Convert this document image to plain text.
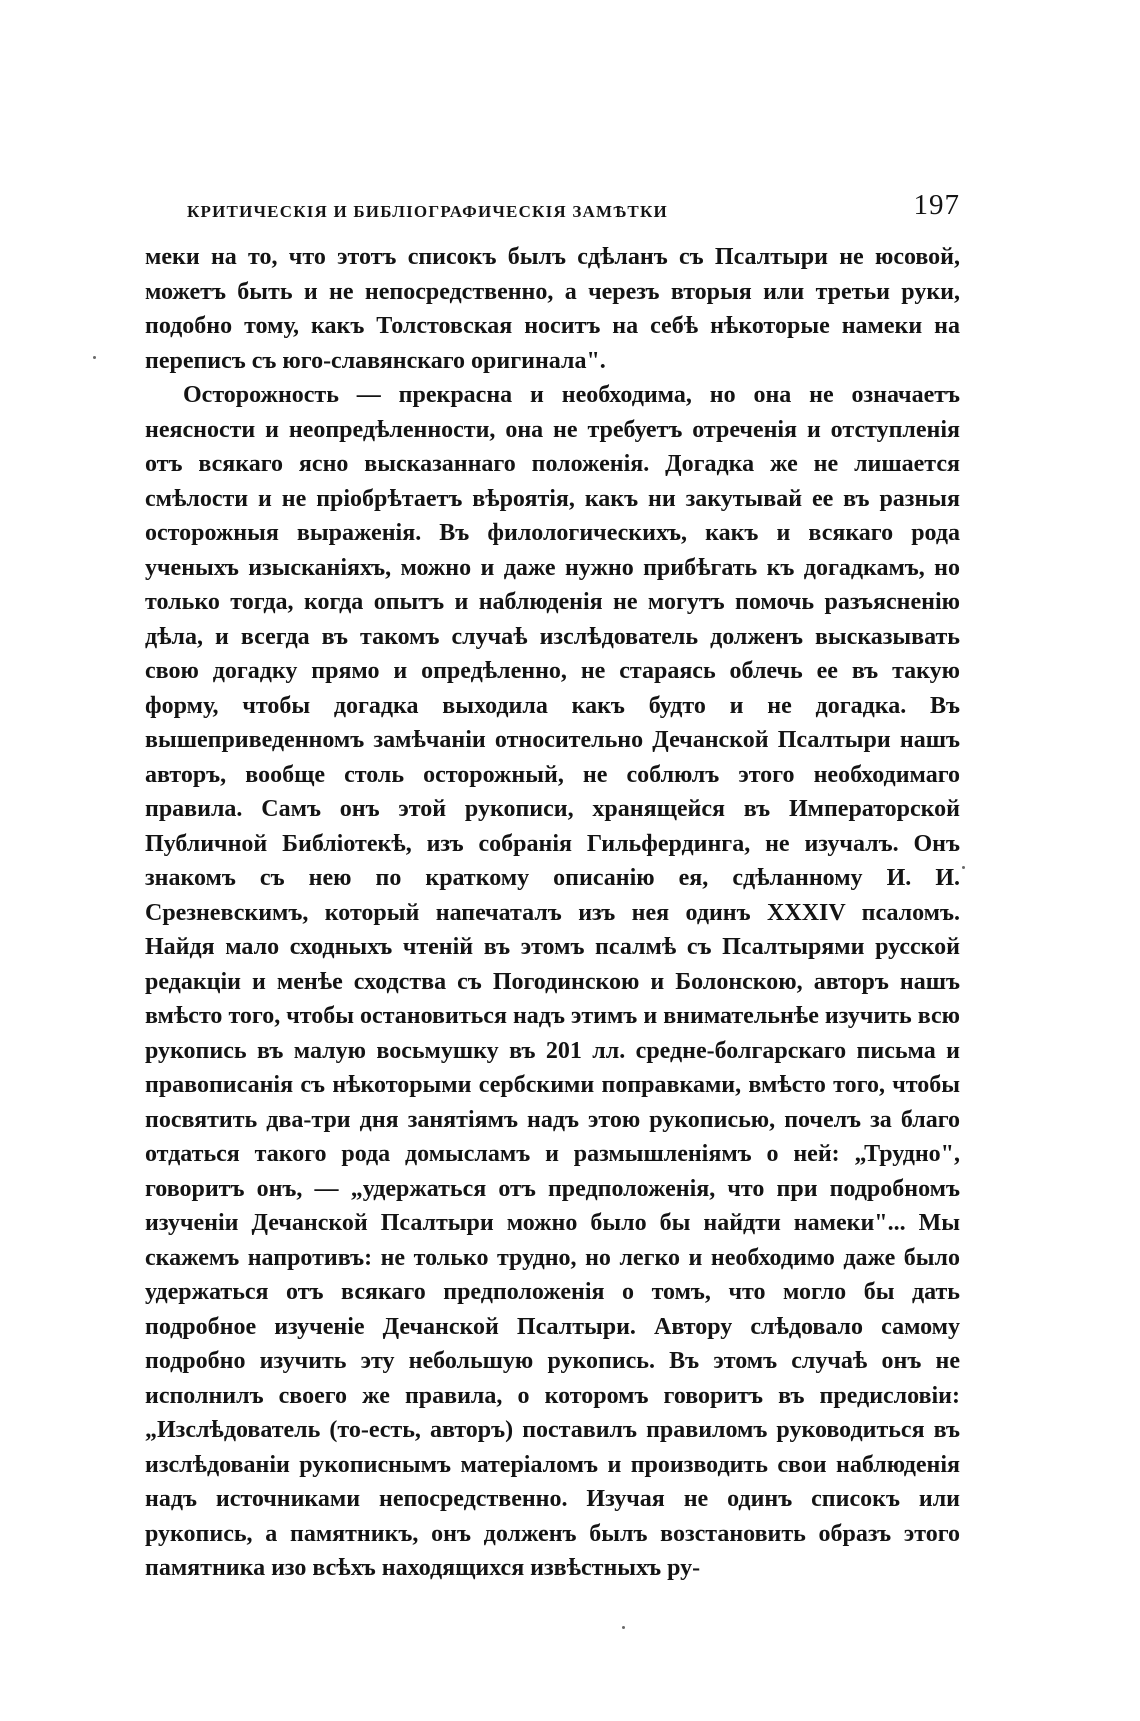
КРИТИЧЕСКІЯ И БИБЛІОГРАФИЧЕСКІЯ ЗАМѢТКИ	197

меки на то, что этотъ списокъ былъ сдѣланъ съ Псалтыри не юсовой, можетъ быть и не непосредственно, а черезъ вторыя или третьи руки, подобно тому, какъ Толстовская носитъ на себѣ нѣкоторые намеки на переписъ съ юго-славянскаго оригинала".

Осторожность — прекрасна и необходима, но она не означаетъ неясности и неопредѣленности, она не требуетъ отреченія и отступленія отъ всякаго ясно высказаннаго положенія. Догадка же не лишается смѣлости и не пріобрѣтаетъ вѣроятія, какъ ни закутывай ее въ разныя осторожныя выраженія. Въ филологическихъ, какъ и всякаго рода ученыхъ изысканіяхъ, можно и даже нужно прибѣгать къ догадкамъ, но только тогда, когда опытъ и наблюденія не могутъ помочь разъясненію дѣла, и всегда въ такомъ случаѣ изслѣдователь долженъ высказывать свою догадку прямо и опредѣленно, не стараясь облечь ее въ такую форму, чтобы догадка выходила какъ будто и не догадка. Въ вышеприведенномъ замѣчаніи относительно Дечанской Псалтыри нашъ авторъ, вообще столь осторожный, не соблюлъ этого необходимаго правила. Самъ онъ этой рукописи, хранящейся въ Императорской Публичной Библіотекѣ, изъ собранія Гильфердинга, не изучалъ. Онъ знакомъ съ нею по краткому описанію ея, сдѣланному И. И. Срезневскимъ, который напечаталъ изъ нея одинъ XXXIV псаломъ. Найдя мало сходныхъ чтеній въ этомъ псалмѣ съ Псалтырями русской редакціи и менѣе сходства съ Погодинскою и Болонскою, авторъ нашъ вмѣсто того, чтобы остановиться надъ этимъ и внимательнѣе изучить всю рукопись въ малую восьмушку въ 201 лл. средне-болгарскаго письма и правописанія съ нѣкоторыми сербскими поправками, вмѣсто того, чтобы посвятить два-три дня занятіямъ надъ этою рукописью, почелъ за благо отдаться такого рода домысламъ и размышленіямъ о ней: „Трудно", говоритъ онъ, — „удержаться отъ предположенія, что при подробномъ изученіи Дечанской Псалтыри можно было бы найдти намеки"... Мы скажемъ напротивъ: не только трудно, но легко и необходимо даже было удержаться отъ всякаго предположенія о томъ, что могло бы дать подробное изученіе Дечанской Псалтыри. Автору слѣдовало самому подробно изучить эту небольшую рукопись. Въ этомъ случаѣ онъ не исполнилъ своего же правила, о которомъ говоритъ въ предисловіи: „Изслѣдователь (то-есть, авторъ) поставилъ правиломъ руководиться въ изслѣдованіи рукописнымъ матеріаломъ и производить свои наблюденія надъ источниками непосредственно. Изучая не одинъ списокъ или рукопись, а памятникъ, онъ долженъ былъ возстановить образъ этого памятника изо всѣхъ находящихся извѣстныхъ ру-
